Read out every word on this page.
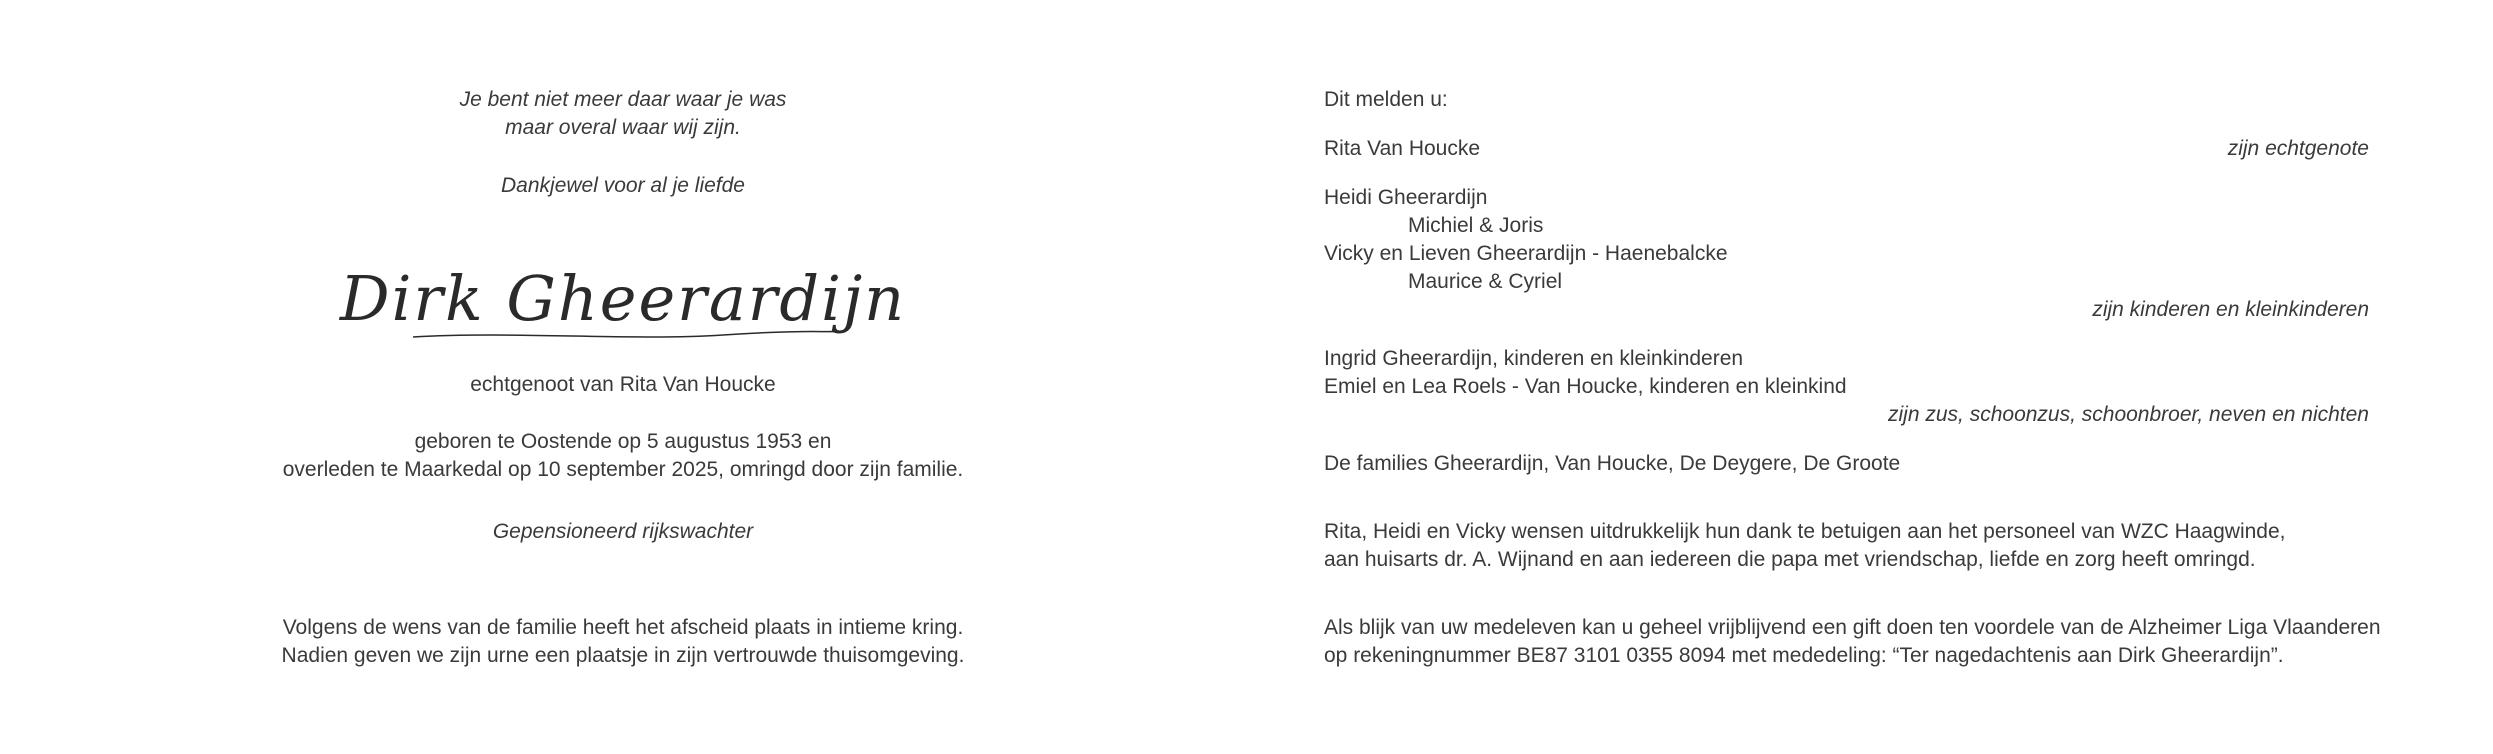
Je bent niet meer daar waar je was
maar overal waar wij zijn.
Dankjewel voor al je liefde
Dirk Gheerardijn
echtgenoot van Rita Van Houcke
geboren te Oostende op 5 augustus 1953 en
overleden te Maarkedal op 10 september 2025, omringd door zijn familie.
Gepensioneerd rijkswachter
Volgens de wens van de familie heeft het afscheid plaats in intieme kring.
Nadien geven we zijn urne een plaatsje in zijn vertrouwde thuisomgeving.
Dit melden u:
Rita Van Houcke	zijn echtgenote
Heidi Gheerardijn
Michiel & Joris
Vicky en Lieven Gheerardijn - Haenebalcke
Maurice & Cyriel
zijn kinderen en kleinkinderen
Ingrid Gheerardijn, kinderen en kleinkinderen
Emiel en Lea Roels - Van Houcke, kinderen en kleinkind
zijn zus, schoonzus, schoonbroer, neven en nichten
De families Gheerardijn, Van Houcke, De Deygere, De Groote
Rita, Heidi en Vicky wensen uitdrukkelijk hun dank te betuigen aan het personeel van WZC Haagwinde,
aan huisarts dr. A. Wijnand en aan iedereen die papa met vriendschap, liefde en zorg heeft omringd.
Als blijk van uw medeleven kan u geheel vrijblijvend een gift doen ten voordele van de Alzheimer Liga Vlaanderen
op rekeningnummer BE87 3101 0355 8094 met mededeling: “Ter nagedachtenis aan Dirk Gheerardijn”.
